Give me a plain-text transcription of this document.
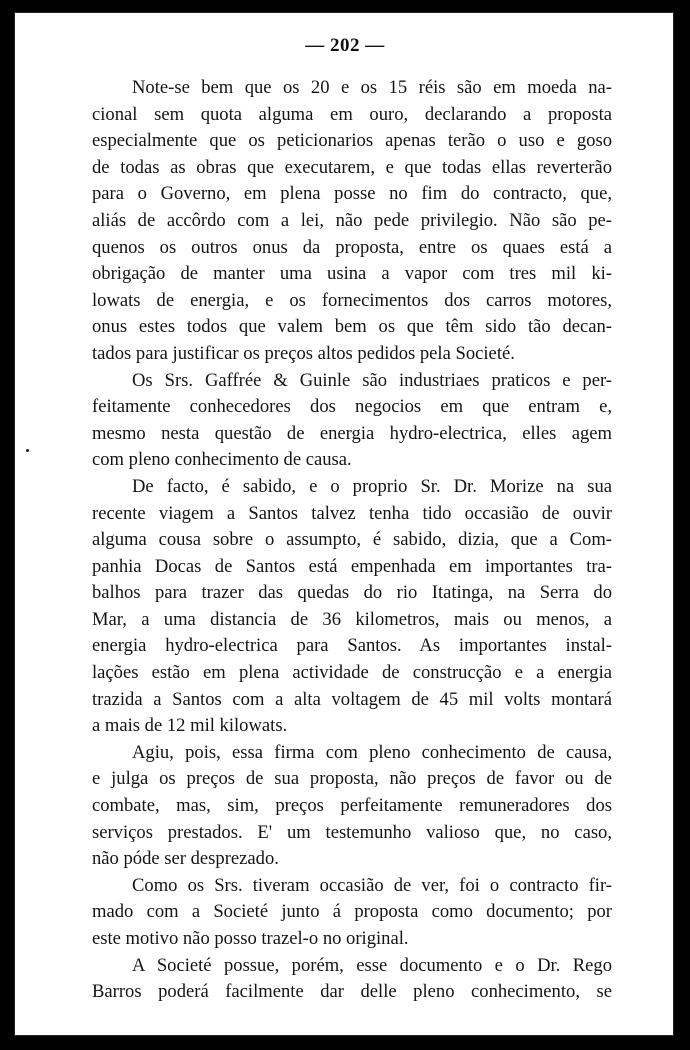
— 202 —

Note-se bem que os 20 e os 15 réis são em moeda na-
cional sem quota alguma em ouro, declarando a proposta
especialmente que os peticionarios apenas terão o uso e goso
de todas as obras que executarem, e que todas ellas reverterão
para o Governo, em plena posse no fim do contracto, que,
aliás de accôrdo com a lei, não pede privilegio. Não são pe-
quenos os outros onus da proposta, entre os quaes está a
obrigação de manter uma usina a vapor com tres mil ki-
lowats de energia, e os fornecimentos dos carros motores,
onus estes todos que valem bem os que têm sido tão decan-
tados para justificar os preços altos pedidos pela Societé.

Os Srs. Gaffrée & Guinle são industriaes praticos e per-
feitamente conhecedores dos negocios em que entram e,
mesmo nesta questão de energia hydro-electrica, elles agem
com pleno conhecimento de causa.

De facto, é sabido, e o proprio Sr. Dr. Morize na sua
recente viagem a Santos talvez tenha tido occasião de ouvir
alguma cousa sobre o assumpto, é sabido, dizia, que a Com-
panhia Docas de Santos está empenhada em importantes tra-
balhos para trazer das quedas do rio Itatinga, na Serra do
Mar, a uma distancia de 36 kilometros, mais ou menos, a
energia hydro-electrica para Santos. As importantes instal-
lações estão em plena actividade de construcção e a energia
trazida a Santos com a alta voltagem de 45 mil volts montará
a mais de 12 mil kilowats.

Agiu, pois, essa firma com pleno conhecimento de causa,
e julga os preços de sua proposta, não preços de favor ou de
combate, mas, sim, preços perfeitamente remuneradores dos
serviços prestados. E' um testemunho valioso que, no caso,
não póde ser desprezado.

Como os Srs. tiveram occasião de ver, foi o contracto fir-
mado com a Societé junto á proposta como documento; por
este motivo não posso trazel-o no original.

A Societé possue, porém, esse documento e o Dr. Rego
Barros poderá facilmente dar delle pleno conhecimento, se
